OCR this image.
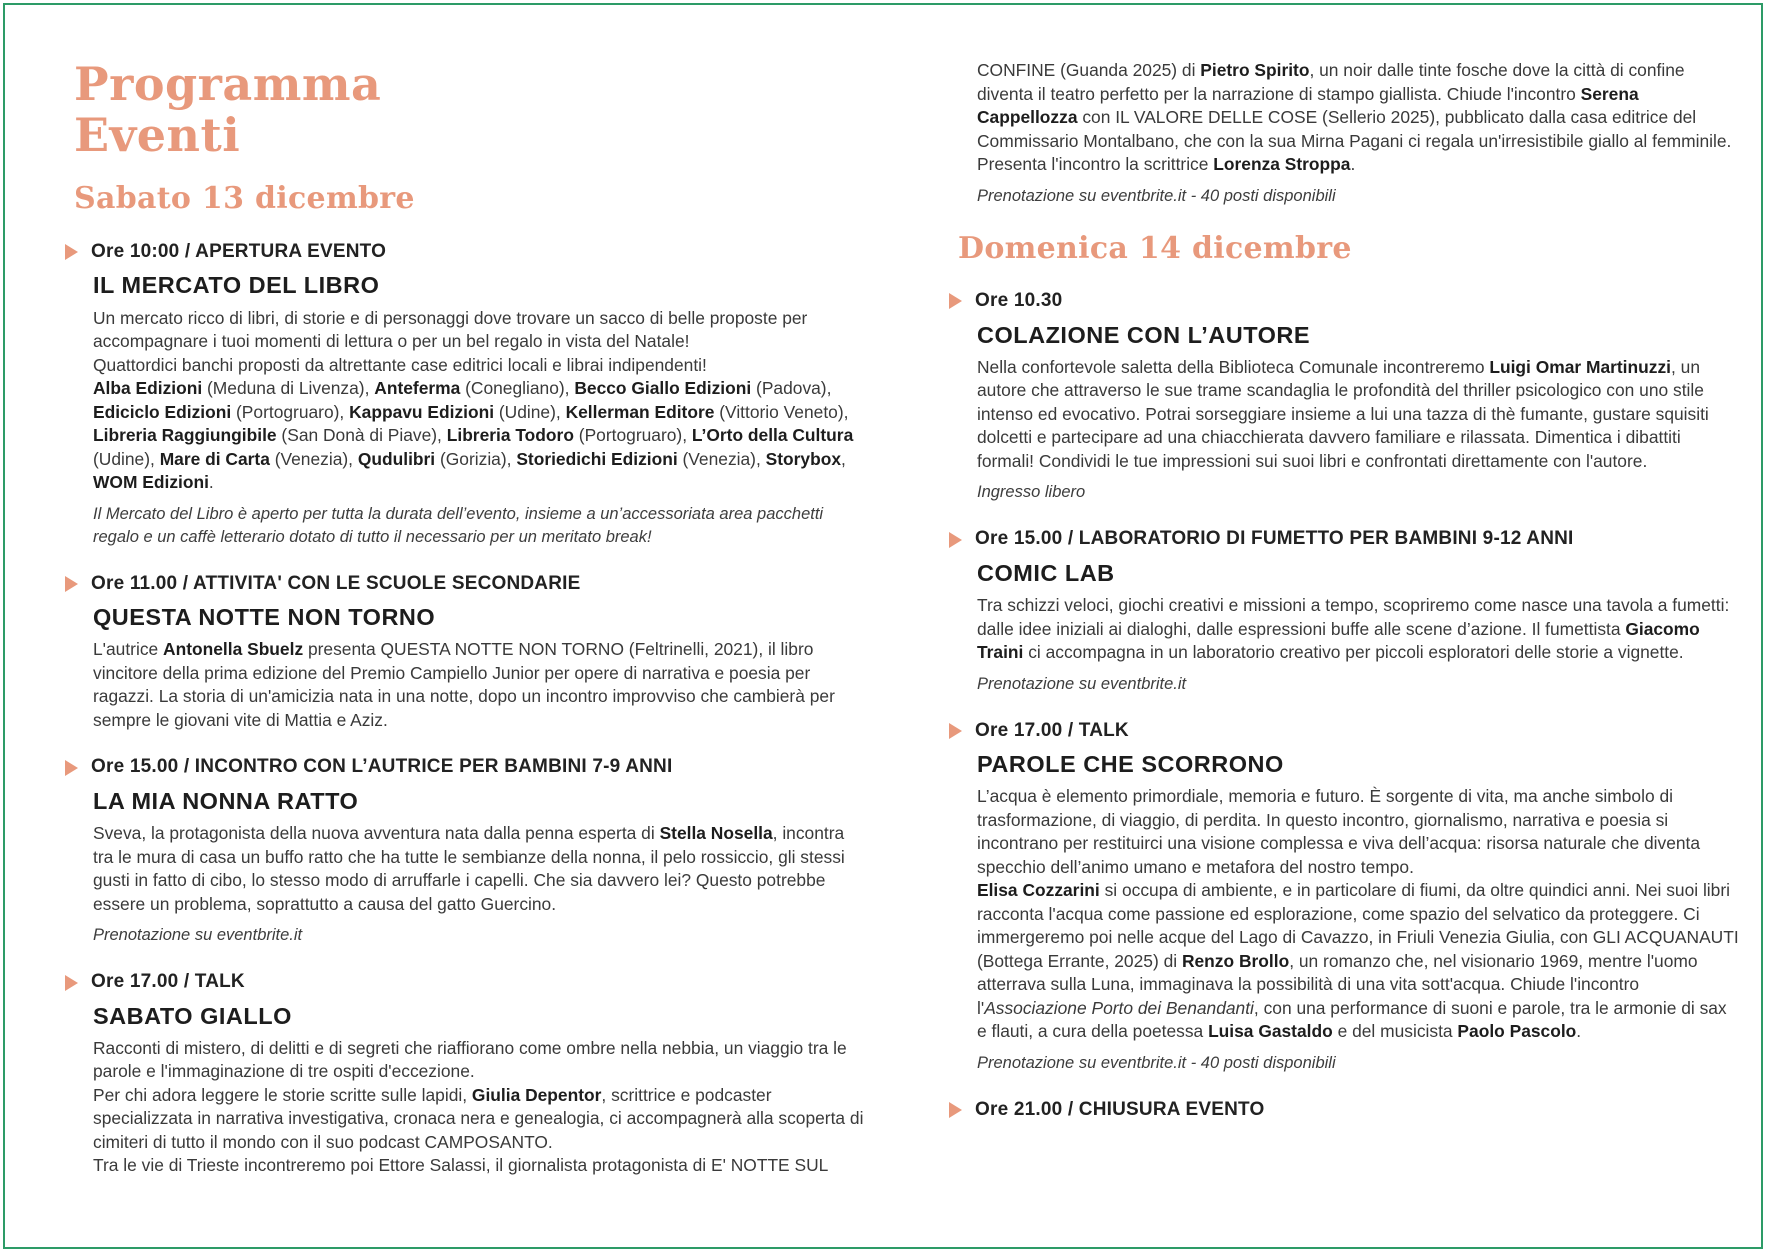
Programma
Eventi
Sabato 13 dicembre
Ore 10:00 / APERTURA EVENTO
IL MERCATO DEL LIBRO

Un mercato ricco di libri, di storie e di personaggi dove trovare un sacco di belle proposte per accompagnare i tuoi momenti di lettura o per un bel regalo in vista del Natale!

Quattordici banchi proposti da altrettante case editrici locali e librai indipendenti!

Alba Edizioni (Meduna di Livenza), Anteferma (Conegliano), Becco Giallo Edizioni (Padova), Ediciclo Edizioni (Portogruaro), Kappavu Edizioni (Udine), Kellerman Editore (Vittorio Veneto), Libreria Raggiungibile (San Donà di Piave), Libreria Todoro (Portogruaro), L’Orto della Cultura (Udine), Mare di Carta (Venezia), Qudulibri (Gorizia), Storiedichi Edizioni (Venezia), Storybox, WOM Edizioni.

Il Mercato del Libro è aperto per tutta la durata dell’evento, insieme a un’accessoriata area pacchetti regalo e un caffè letterario dotato di tutto il necessario per un meritato break!

Ore 11.00 / ATTIVITA' CON LE SCUOLE SECONDARIE
QUESTA NOTTE NON TORNO

L'autrice Antonella Sbuelz presenta QUESTA NOTTE NON TORNO (Feltrinelli, 2021), il libro vincitore della prima edizione del Premio Campiello Junior per opere di narrativa e poesia per ragazzi. La storia di un'amicizia nata in una notte, dopo un incontro improvviso che cambierà per sempre le giovani vite di Mattia e Aziz.

Ore 15.00 / INCONTRO CON L’AUTRICE PER BAMBINI 7-9 ANNI
LA MIA NONNA RATTO

Sveva, la protagonista della nuova avventura nata dalla penna esperta di Stella Nosella, incontra tra le mura di casa un buffo ratto che ha tutte le sembianze della nonna, il pelo rossiccio, gli stessi gusti in fatto di cibo, lo stesso modo di arruffarle i capelli. Che sia davvero lei? Questo potrebbe essere un problema, soprattutto a causa del gatto Guercino.

Prenotazione su eventbrite.it

Ore 17.00 / TALK
SABATO GIALLO

Racconti di mistero, di delitti e di segreti che riaffiorano come ombre nella nebbia, un viaggio tra le parole e l'immaginazione di tre ospiti d'eccezione.

Per chi adora leggere le storie scritte sulle lapidi, Giulia Depentor, scrittrice e podcaster specializzata in narrativa investigativa, cronaca nera e genealogia, ci accompagnerà alla scoperta di cimiteri di tutto il mondo con il suo podcast CAMPOSANTO.

Tra le vie di Trieste incontreremo poi Ettore Salassi, il giornalista protagonista di E' NOTTE SUL

CONFINE (Guanda 2025) di Pietro Spirito, un noir dalle tinte fosche dove la città di confine diventa il teatro perfetto per la narrazione di stampo giallista. Chiude l'incontro Serena Cappellozza con IL VALORE DELLE COSE (Sellerio 2025), pubblicato dalla casa editrice del Commissario Montalbano, che con la sua Mirna Pagani ci regala un'irresistibile giallo al femminile.

Presenta l'incontro la scrittrice Lorenza Stroppa.

Prenotazione su eventbrite.it - 40 posti disponibili

Domenica 14 dicembre
Ore 10.30
COLAZIONE CON L’AUTORE

Nella confortevole saletta della Biblioteca Comunale incontreremo Luigi Omar Martinuzzi, un autore che attraverso le sue trame scandaglia le profondità del thriller psicologico con uno stile intenso ed evocativo. Potrai sorseggiare insieme a lui una tazza di thè fumante, gustare squisiti dolcetti e partecipare ad una chiacchierata davvero familiare e rilassata. Dimentica i dibattiti formali! Condividi le tue impressioni sui suoi libri e confrontati direttamente con l'autore.

Ingresso libero

Ore 15.00 / LABORATORIO DI FUMETTO PER BAMBINI 9-12 ANNI
COMIC LAB

Tra schizzi veloci, giochi creativi e missioni a tempo, scopriremo come nasce una tavola a fumetti: dalle idee iniziali ai dialoghi, dalle espressioni buffe alle scene d’azione. Il fumettista Giacomo Traini ci accompagna in un laboratorio creativo per piccoli esploratori delle storie a vignette.

Prenotazione su eventbrite.it

Ore 17.00 / TALK
PAROLE CHE SCORRONO

L’acqua è elemento primordiale, memoria e futuro. È sorgente di vita, ma anche simbolo di trasformazione, di viaggio, di perdita. In questo incontro, giornalismo, narrativa e poesia si incontrano per restituirci una visione complessa e viva dell’acqua: risorsa naturale che diventa specchio dell’animo umano e metafora del nostro tempo.

Elisa Cozzarini si occupa di ambiente, e in particolare di fiumi, da oltre quindici anni. Nei suoi libri racconta l'acqua come passione ed esplorazione, come spazio del selvatico da proteggere. Ci immergeremo poi nelle acque del Lago di Cavazzo, in Friuli Venezia Giulia, con GLI ACQUANAUTI (Bottega Errante, 2025) di Renzo Brollo, un romanzo che, nel visionario 1969, mentre l'uomo atterrava sulla Luna, immaginava la possibilità di una vita sott'acqua. Chiude l'incontro l'Associazione Porto dei Benandanti, con una performance di suoni e parole, tra le armonie di sax e flauti, a cura della poetessa Luisa Gastaldo e del musicista Paolo Pascolo.

Prenotazione su eventbrite.it - 40 posti disponibili

Ore 21.00 / CHIUSURA EVENTO
